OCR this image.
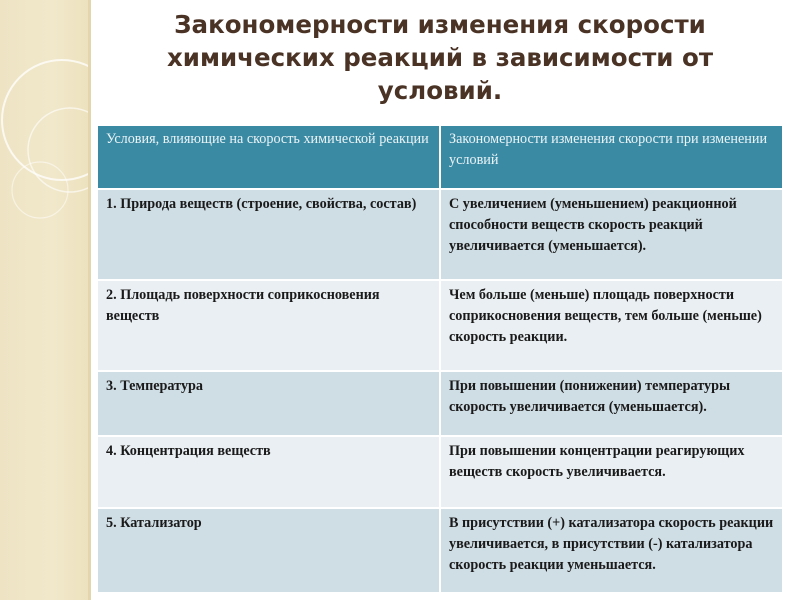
Закономерности изменения скорости химических реакций в зависимости от условий.
Условия, влияющие на скорость химической реакции	Закономерности изменения скорости при изменении условий
1. Природа веществ (строение, свойства, состав)	С увеличением (уменьшением) реакционной способности веществ скорость реакций увеличивается (уменьшается).
2. Площадь поверхности соприкосновения веществ	Чем больше (меньше) площадь поверхности соприкосновения веществ, тем больше (меньше) скорость реакции.
3. Температура	При повышении (понижении) температуры скорость увеличивается (уменьшается).
4. Концентрация веществ	При повышении концентрации реагирующих веществ скорость увеличивается.
5. Катализатор	В присутствии (+) катализатора скорость реакции увеличивается, в присутствии (-) катализатора скорость реакции уменьшается.
